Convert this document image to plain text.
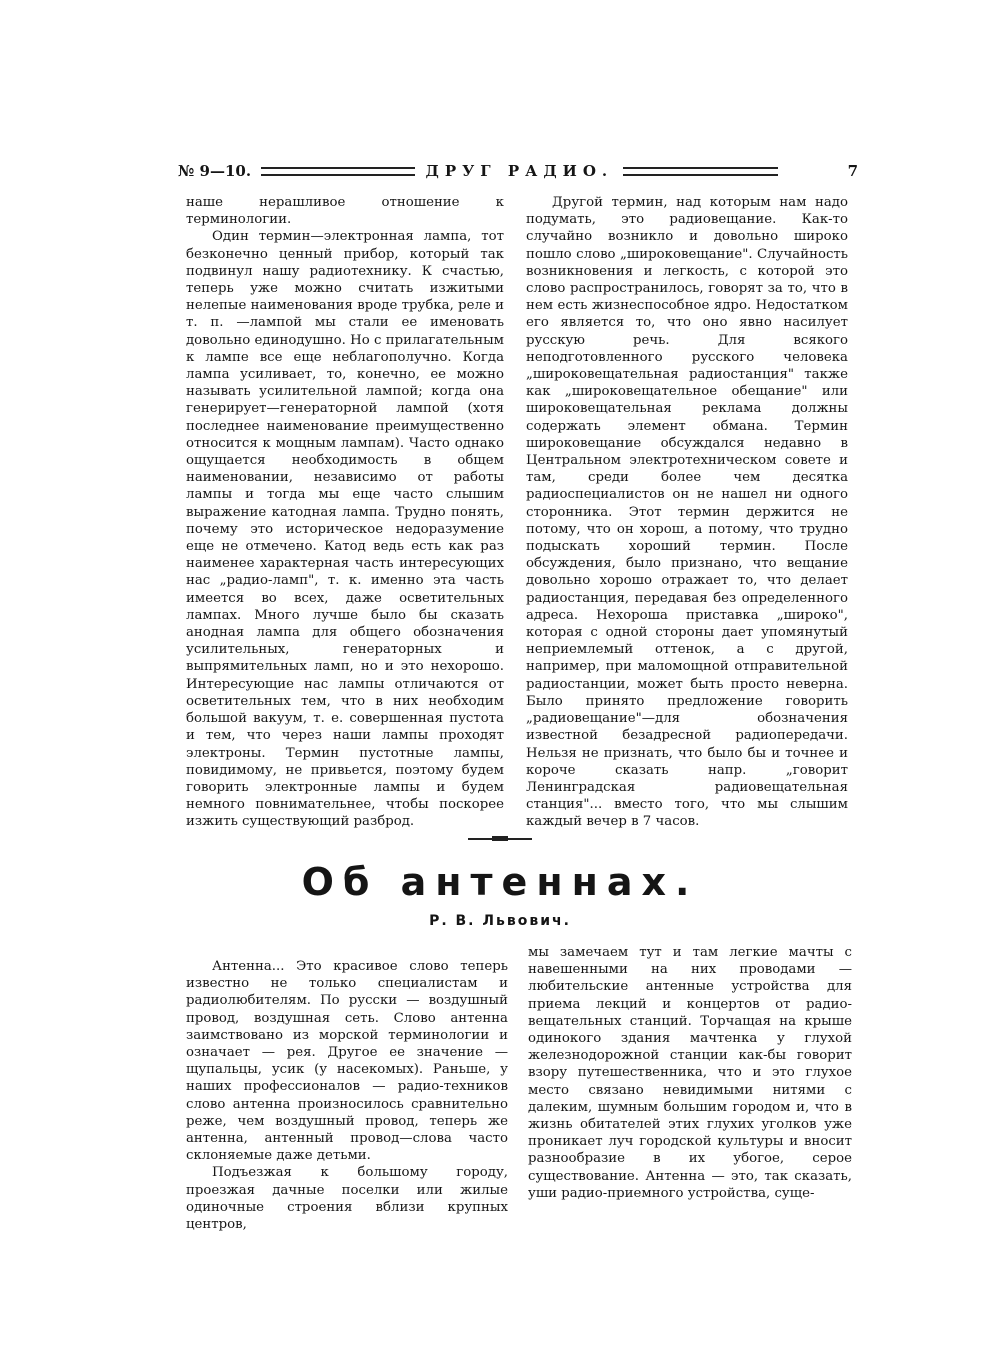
№ 9—10.	ДРУГ РАДИО.	7

наше нерашливое отношение к терминологии.

Один термин—электронная лампа, тот безконечно ценный прибор, который так подвинул нашу радиотехнику. К счастью, теперь уже можно считать изжитыми нелепые наименования вроде трубка, реле и т. п. —лампой мы стали ее именовать довольно единодушно. Но с прилагательным к лампе все еще неблагополучно. Когда лампа усиливает, то, конечно, ее можно называть усилительной лампой; когда она генерирует—генераторной лампой (хотя последнее наименование преимущественно относится к мощным лампам). Часто однако ощущается необходимость в общем наименовании, независимо от работы лампы и тогда мы еще часто слышим выражение катодная лампа. Трудно понять, почему это историческое недоразумение еще не отмечено. Катод ведь есть как раз наименее характерная часть интересующих нас „радио-ламп", т. к. именно эта часть имеется во всех, даже осветительных лампах. Много лучше было бы сказать анодная лампа для общего обозначения усилительных, генераторных и выпрямительных ламп, но и это нехорошо. Интересующие нас лампы отличаются от осветительных тем, что в них необходим большой вакуум, т. е. совершенная пустота и тем, что через наши лампы проходят электроны. Термин пустотные лампы, повидимому, не привьется, поэтому будем говорить электронные лампы и будем немного повнимательнее, чтобы поскорее изжить существующий разброд.

Другой термин, над которым нам надо подумать, это радиовещание. Как-то случайно возникло и довольно широко пошло слово „широковещание". Случайность возникновения и легкость, с которой это слово распространилось, говорят за то, что в нем есть жизнеспособное ядро. Недостатком его является то, что оно явно насилует русскую речь. Для всякого неподготовленного русского человека „широковещательная радиостанция" также как „широковещательное обещание" или широковещательная реклама должны содержать элемент обмана. Термин широковещание обсуждался недавно в Центральном электротехническом совете и там, среди более чем десятка радиоспециалистов он не нашел ни одного сторонника. Этот термин держится не потому, что он хорош, а потому, что трудно подыскать хороший термин. После обсуждения, было признано, что вещание довольно хорошо отражает то, что делает радиостанция, передавая без определенного адреса. Нехороша приставка „широко", которая с одной стороны дает упомянутый неприемлемый оттенок, а с другой, например, при маломощной отправительной радиостанции, может быть просто неверна. Было принято предложение говорить „радиовещание"—для обозначения известной безадресной радиопередачи. Нельзя не признать, что было бы и точнее и короче сказать напр. „говорит Ленинградская радиовещательная станция"... вместо того, что мы слышим каждый вечер в 7 часов.

Об антеннах.
Р. В. Львович.

Антенна... Это красивое слово теперь известно не только специалистам и радиолюбителям. По русски — воздушный провод, воздушная сеть. Слово антенна заимствовано из морской терминологии и означает — рея. Другое ее значение — щупальцы, усик (у насекомых). Раньше, у наших профессионалов — радио-техников слово антенна произносилось сравнительно реже, чем воздушный провод, теперь же антенна, антенный провод—слова часто склоняемые даже детьми.

Подъезжая к большому городу, проезжая дачные поселки или жилые одиночные строения вблизи крупных центров,

мы замечаем тут и там легкие мачты с навешенными на них проводами — любительские антенные устройства для приема лекций и концертов от радио-вещательных станций. Торчащая на крыше одинокого здания мачтенка у глухой железнодорожной станции как-бы говорит взору путешественника, что и это глухое место связано невидимыми нитями с далеким, шумным большим городом и, что в жизнь обитателей этих глухих уголков уже проникает луч городской культуры и вносит разнообразие в их убогое, серое существование. Антенна — это, так сказать, уши радио-приемного устройства, суще-
